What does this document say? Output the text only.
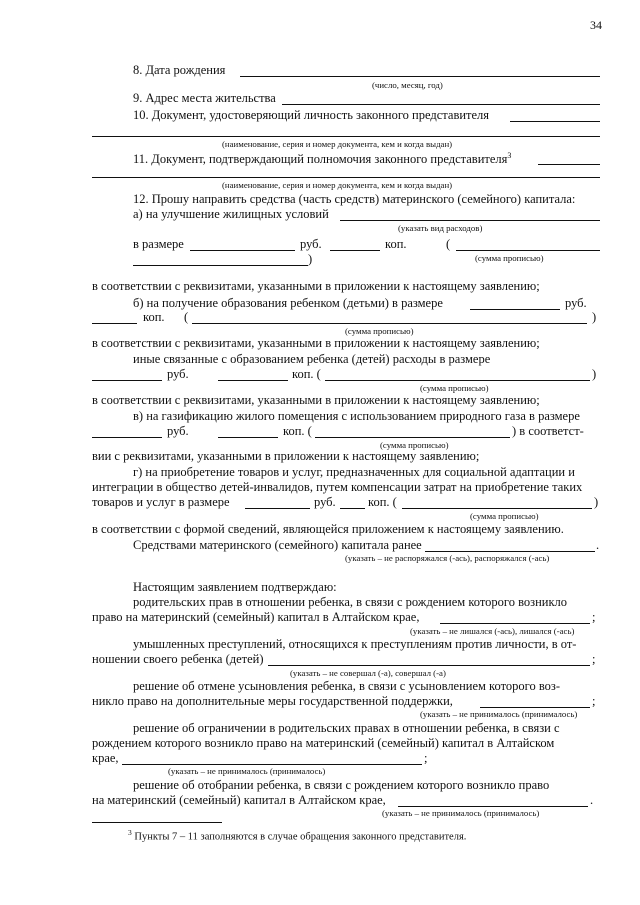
34
8. Дата рождения
(число, месяц, год)
9. Адрес места жительства
10. Документ, удостоверяющий личность законного представителя
(наименование, серия и номер документа, кем и когда выдан)
11. Документ, подтверждающий полномочия законного представителя$^3$
(наименование, серия и номер документа, кем и когда выдан)
12. Прошу направить средства (часть средств) материнского (семейного) капитала:
а) на улучшение жилищных условий
(указать вид расходов)
в размере	руб.	коп.	(
)	(сумма прописью)
в соответствии с реквизитами, указанными в приложении к настоящему заявлению;
б) на получение образования ребенком (детьми) в размере	руб.
коп. (	)
(сумма прописью)
в соответствии с реквизитами, указанными в приложении к настоящему заявлению;
иные связанные с образованием ребенка (детей) расходы в размере
руб.	коп. (	)
(сумма прописью)
в соответствии с реквизитами, указанными в приложении к настоящему заявлению;
в) на газификацию жилого помещения с использованием природного газа в размере
руб.	коп. (	) в соответст-
(сумма прописью)
вии с реквизитами, указанными в приложении к настоящему заявлению;
г) на приобретение товаров и услуг, предназначенных для социальной адаптации и
интеграции в общество детей-инвалидов, путем компенсации затрат на приобретение таких
товаров и услуг в размере	руб.	коп. (	)
(сумма прописью)
в соответствии с формой сведений, являющейся приложением к настоящему заявлению.
Средствами материнского (семейного) капитала ранее	.
(указать – не распоряжался (-ась), распоряжался (-ась)
Настоящим заявлением подтверждаю:
родительских прав в отношении ребенка, в связи с рождением которого возникло
право на материнский (семейный) капитал в Алтайском крае,	;
(указать – не лишался (-ась), лишался (-ась)
умышленных преступлений, относящихся к преступлениям против личности, в от-
ношении своего ребенка (детей)	;
(указать – не совершал (-а), совершал (-а)
решение об отмене усыновления ребенка, в связи с усыновлением которого воз-
никло право на дополнительные меры государственной поддержки,	;
(указать – не принималось (принималось)
решение об ограничении в родительских правах в отношении ребенка, в связи с
рождением которого возникло право на материнский (семейный) капитал в Алтайском
крае,	;
(указать – не принималось (принималось)
решение об отобрании ребенка, в связи с рождением которого возникло право
на материнский (семейный) капитал в Алтайском крае,	.
(указать – не принималось (принималось)
$^3$ Пункты 7 – 11 заполняются в случае обращения законного представителя.
